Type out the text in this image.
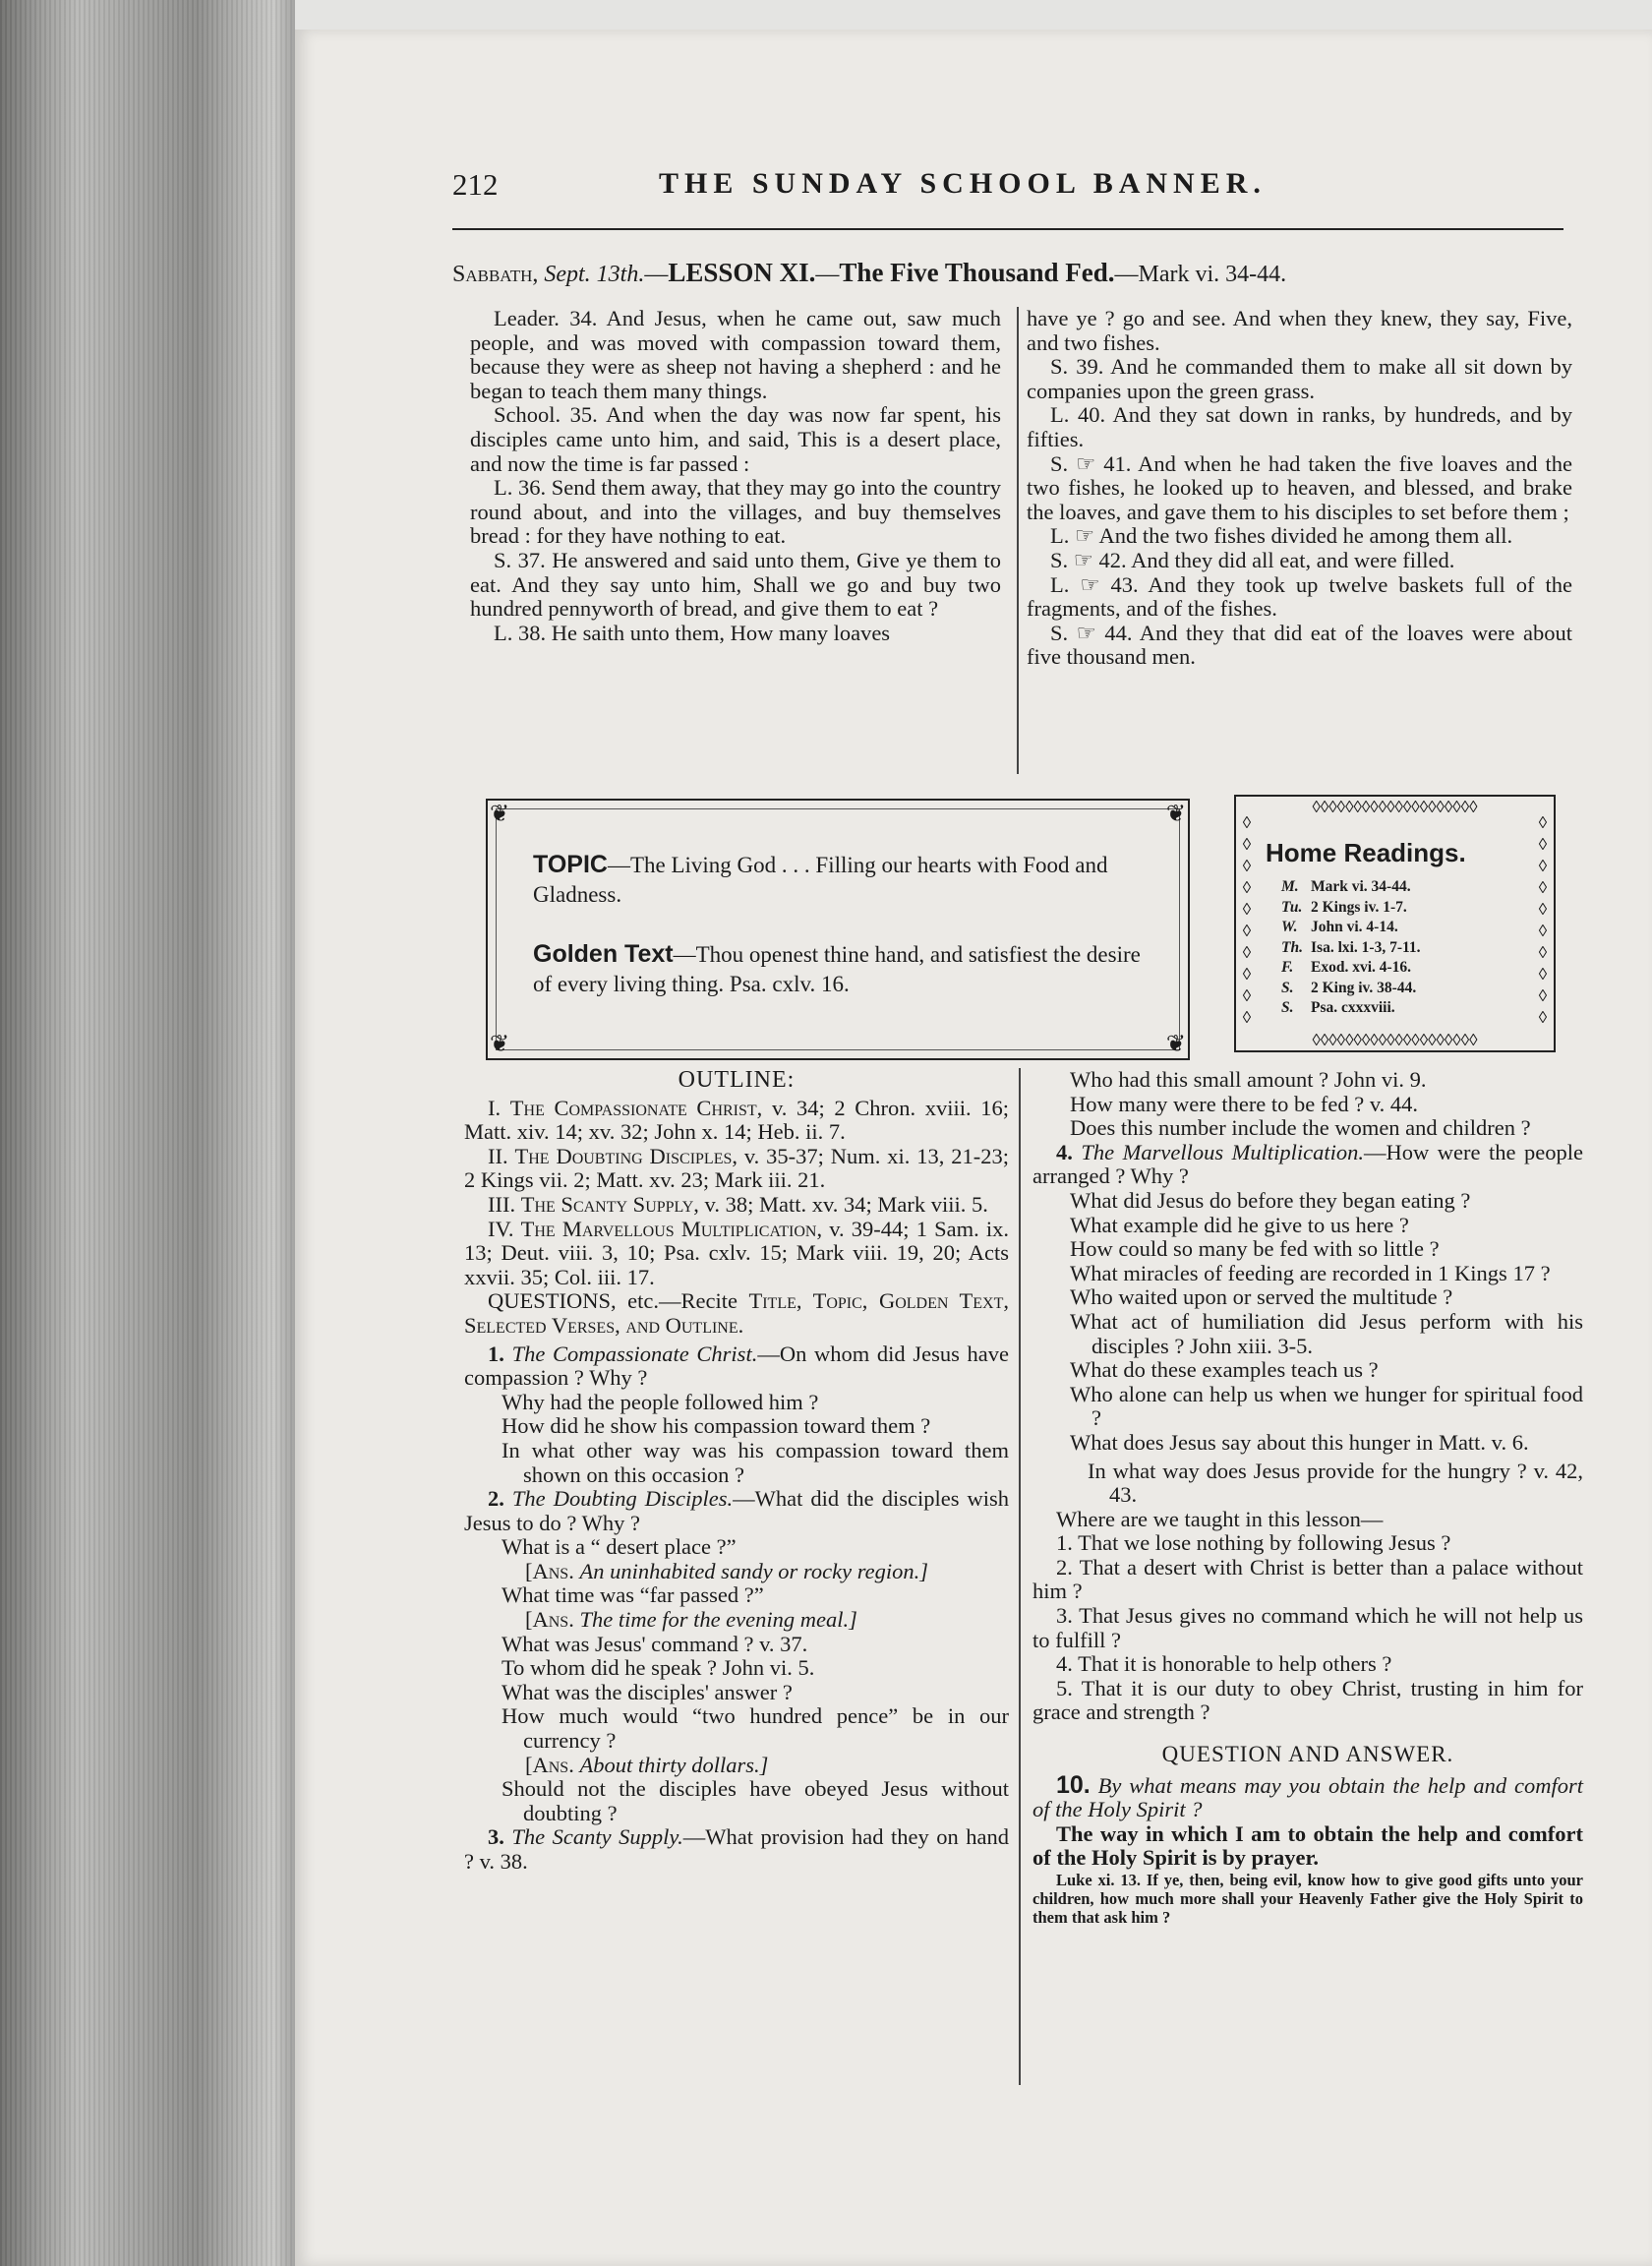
212	THE SUNDAY SCHOOL BANNER.
Sabbath, Sept. 13th.—LESSON XI.—The Five Thousand Fed.—Mark vi. 34-44.

Leader. 34. And Jesus, when he came out, saw much people, and was moved with compassion toward them, because they were as sheep not having a shepherd : and he began to teach them many things.

School. 35. And when the day was now far spent, his disciples came unto him, and said, This is a desert place, and now the time is far passed :

L. 36. Send them away, that they may go into the country round about, and into the villages, and buy themselves bread : for they have nothing to eat.

S. 37. He answered and said unto them, Give ye them to eat. And they say unto him, Shall we go and buy two hundred pennyworth of bread, and give them to eat ?

L. 38. He saith unto them, How many loaves

have ye ? go and see. And when they knew, they say, Five, and two fishes.

S. 39. And he commanded them to make all sit down by companies upon the green grass.

L. 40. And they sat down in ranks, by hundreds, and by fifties.

S. ☞ 41. And when he had taken the five loaves and the two fishes, he looked up to heaven, and blessed, and brake the loaves, and gave them to his disciples to set before them ;

L. ☞ And the two fishes divided he among them all.

S. ☞ 42. And they did all eat, and were filled.

L. ☞ 43. And they took up twelve baskets full of the fragments, and of the fishes.

S. ☞ 44. And they that did eat of the loaves were about five thousand men.

❦	❦
❦	❦
TOPIC—The Living God . . . Filling our hearts with Food and Gladness.
Golden Text—Thou openest thine hand, and satisfiest the desire of every living thing. Psa. cxlv. 16.
◊◊◊◊◊◊◊◊◊◊◊◊◊◊◊◊◊◊◊◊
◊◊◊◊◊◊◊◊◊◊◊◊◊◊◊◊◊◊◊◊
◊
◊
◊
◊
◊
◊
◊
◊
◊
◊
◊
◊
◊
◊
◊
◊
◊
◊
◊
◊
Home Readings.
M. Mark vi. 34-44.
Tu. 2 Kings iv. 1-7.
W. John vi. 4-14.
Th. Isa. lxi. 1-3, 7-11.
F. Exod. xvi. 4-16.
S. 2 King iv. 38-44.
S. Psa. cxxxviii.

OUTLINE:

I. The Compassionate Christ, v. 34; 2 Chron. xviii. 16; Matt. xiv. 14; xv. 32; John x. 14; Heb. ii. 7.

II. The Doubting Disciples, v. 35-37; Num. xi. 13, 21-23; 2 Kings vii. 2; Matt. xv. 23; Mark iii. 21.

III. The Scanty Supply, v. 38; Matt. xv. 34; Mark viii. 5.

IV. The Marvellous Multiplication, v. 39-44; 1 Sam. ix. 13; Deut. viii. 3, 10; Psa. cxlv. 15; Mark viii. 19, 20; Acts xxvii. 35; Col. iii. 17.

QUESTIONS, etc.—Recite Title, Topic, Golden Text, Selected Verses, and Outline.

1. The Compassionate Christ.—On whom did Jesus have compassion ? Why ?

Why had the people followed him ?

How did he show his compassion toward them ?

In what other way was his compassion toward them shown on this occasion ?

2. The Doubting Disciples.—What did the disciples wish Jesus to do ? Why ?

What is a “ desert place ?”

[Ans. An uninhabited sandy or rocky region.]

What time was “far passed ?”

[Ans. The time for the evening meal.]

What was Jesus' command ? v. 37.

To whom did he speak ? John vi. 5.

What was the disciples' answer ?

How much would “two hundred pence” be in our currency ?

[Ans. About thirty dollars.]

Should not the disciples have obeyed Jesus without doubting ?

3. The Scanty Supply.—What provision had they on hand ? v. 38.

Who had this small amount ? John vi. 9.

How many were there to be fed ? v. 44.

Does this number include the women and children ?

4. The Marvellous Multiplication.—How were the people arranged ? Why ?

What did Jesus do before they began eating ?

What example did he give to us here ?

How could so many be fed with so little ?

What miracles of feeding are recorded in 1 Kings 17 ?

Who waited upon or served the multitude ?

What act of humiliation did Jesus perform with his disciples ? John xiii. 3-5.

What do these examples teach us ?

Who alone can help us when we hunger for spiritual food ?

What does Jesus say about this hunger in Matt. v. 6.

In what way does Jesus provide for the hungry ? v. 42, 43.

Where are we taught in this lesson—

1. That we lose nothing by following Jesus ?

2. That a desert with Christ is better than a palace without him ?

3. That Jesus gives no command which he will not help us to fulfill ?

4. That it is honorable to help others ?

5. That it is our duty to obey Christ, trusting in him for grace and strength ?

QUESTION AND ANSWER.

10. By what means may you obtain the help and comfort of the Holy Spirit ?

The way in which I am to obtain the help and comfort of the Holy Spirit is by prayer.

Luke xi. 13. If ye, then, being evil, know how to give good gifts unto your children, how much more shall your Heavenly Father give the Holy Spirit to them that ask him ?
